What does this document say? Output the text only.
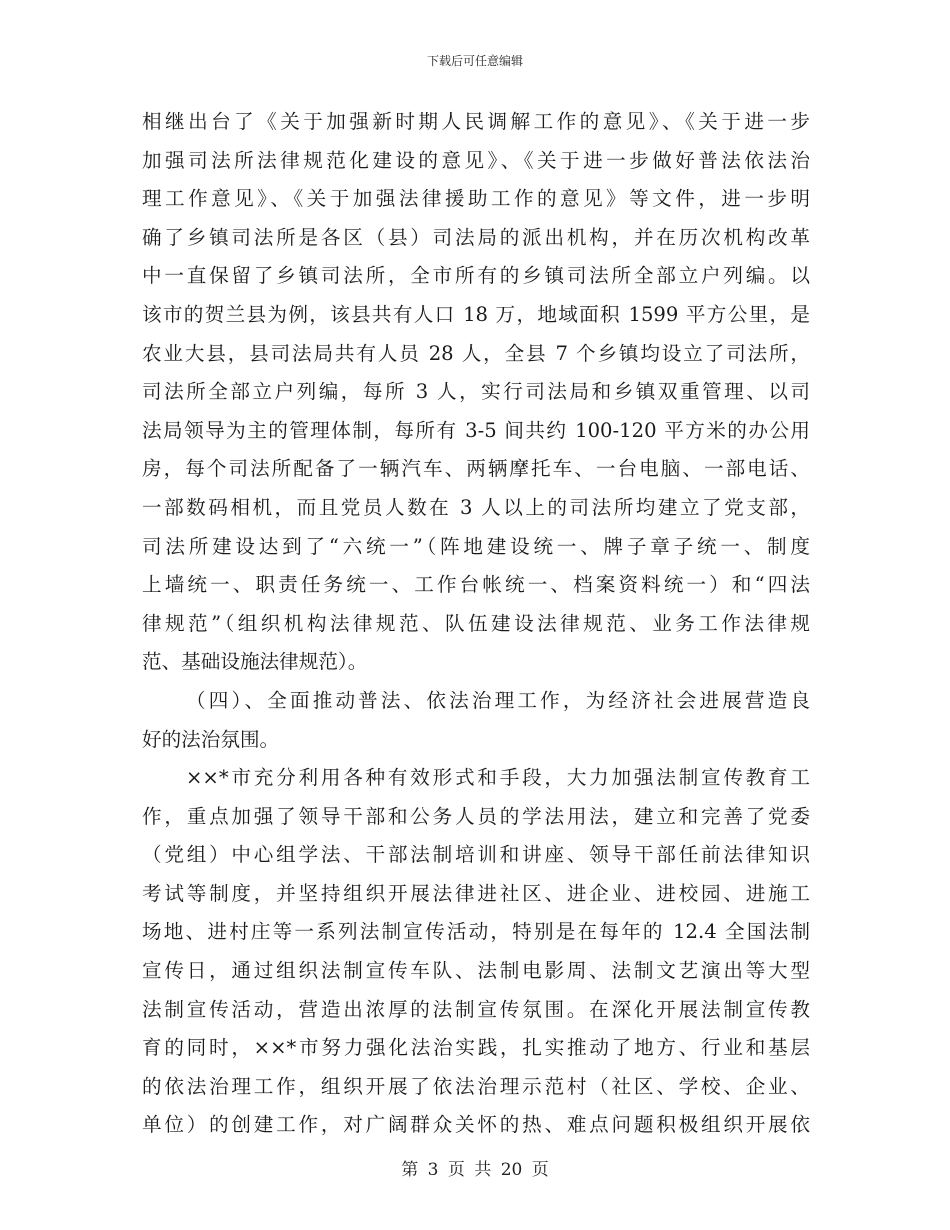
下载后可任意编辑
相继出台了《关于加强新时期人民调解工作的意见》、《关于进一步
加强司法所法律规范化建设的意见》、《关于进一步做好普法依法治
理工作意见》、《关于加强法律援助工作的意见》等文件，进一步明
确了乡镇司法所是各区（县）司法局的派出机构，并在历次机构改革
中一直保留了乡镇司法所，全市所有的乡镇司法所全部立户列编。以
该市的贺兰县为例，该县共有人口 18 万，地域面积 1599 平方公里，是
农业大县，县司法局共有人员 28 人，全县 7 个乡镇均设立了司法所，
司法所全部立户列编，每所 3 人，实行司法局和乡镇双重管理、以司
法局领导为主的管理体制，每所有 3-5 间共约 100-120 平方米的办公用
房，每个司法所配备了一辆汽车、两辆摩托车、一台电脑、一部电话、
一部数码相机，而且党员人数在 3 人以上的司法所均建立了党支部，
司法所建设达到了“六统一”（阵地建设统一、牌子章子统一、制度
上墙统一、职责任务统一、工作台帐统一、档案资料统一）和“四法
律规范”（组织机构法律规范、队伍建设法律规范、业务工作法律规
范、基础设施法律规范）。
（四）、全面推动普法、依法治理工作，为经济社会进展营造良
好的法治氛围。
××*市充分利用各种有效形式和手段，大力加强法制宣传教育工
作，重点加强了领导干部和公务人员的学法用法，建立和完善了党委
（党组）中心组学法、干部法制培训和讲座、领导干部任前法律知识
考试等制度，并坚持组织开展法律进社区、进企业、进校园、进施工
场地、进村庄等一系列法制宣传活动，特别是在每年的 12.4 全国法制
宣传日，通过组织法制宣传车队、法制电影周、法制文艺演出等大型
法制宣传活动，营造出浓厚的法制宣传氛围。在深化开展法制宣传教
育的同时，××*市努力强化法治实践，扎实推动了地方、行业和基层
的依法治理工作，组织开展了依法治理示范村（社区、学校、企业、
单位）的创建工作，对广阔群众关怀的热、难点问题积极组织开展依
第 3 页 共 20 页
